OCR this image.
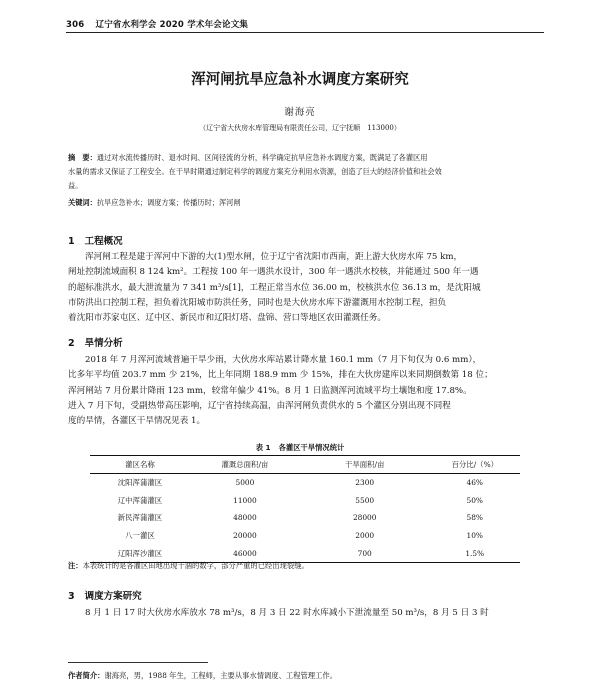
306 辽宁省水利学会 2020 学术年会论文集
浑河闸抗旱应急补水调度方案研究
谢海亮
（辽宁省大伙房水库管理局有限责任公司，辽宁抚顺　113000）
摘　要：通过对水流传播历时、退水时间、区间径流的分析，科学确定抗旱应急补水调度方案，既满足了各灌区用
水量的需求又保证了工程安全。在干旱时期通过制定科学的调度方案充分利用水资源，创造了巨大的经济价值和社会效
益。
关键词：抗旱应急补水；调度方案；传播历时；浑河闸
1 工程概况
浑河闸工程是建于浑河中下游的大(1)型水闸，位于辽宁省沈阳市西南，距上游大伙房水库 75 km，
闸址控制流域面积 8 124 km²。工程按 100 年一遇洪水设计，300 年一遇洪水校核，并能通过 500 年一遇
的超标准洪水，最大泄流量为 7 341 m³/s[1]，工程正常当水位 36.00 m，校核洪水位 36.13 m，是沈阳城
市防洪出口控制工程，担负着沈阳城市防洪任务，同时也是大伙房水库下游灌溉用水控制工程，担负
着沈阳市苏家屯区、辽中区、新民市和辽阳灯塔、盘锦、营口等地区农田灌溉任务。
2 旱情分析
2018 年 7 月浑河流域普遍干旱少雨，大伙房水库站累计降水量 160.1 mm（7 月下旬仅为 0.6 mm），
比多年平均值 203.7 mm 少 21%，比上年同期 188.9 mm 少 15%，排在大伙房建库以来同期倒数第 18 位；
浑河闸站 7 月份累计降雨 123 mm，较常年偏少 41%。8 月 1 日监测浑河流域平均土壤饱和度 17.8%。
进入 7 月下旬，受副热带高压影响，辽宁省持续高温，由浑河闸负责供水的 5 个灌区分别出现不同程
度的旱情，各灌区干旱情况见表 1。
表 1 各灌区干旱情况统计
灌区名称	灌溉总面积/亩	干旱面积/亩	百分比/（%）
沈阳浑蒲灌区	5000	2300	46%
辽中浑蒲灌区	11000	5500	50%
新民浑蒲灌区	48000	28000	58%
八一灌区	20000	2000	10%
辽阳浑沙灌区	46000	700	1.5%
注：本表统计的是各灌区田地出现干涸的数字，部分严重的已经出现裂缝。
3 调度方案研究
8 月 1 日 17 时大伙房水库放水 78 m³/s，8 月 3 日 22 时水库减小下泄流量至 50 m³/s，8 月 5 日 3 时
作者简介：谢海亮，男，1988 年生，工程师，主要从事水情调度、工程管理工作。
